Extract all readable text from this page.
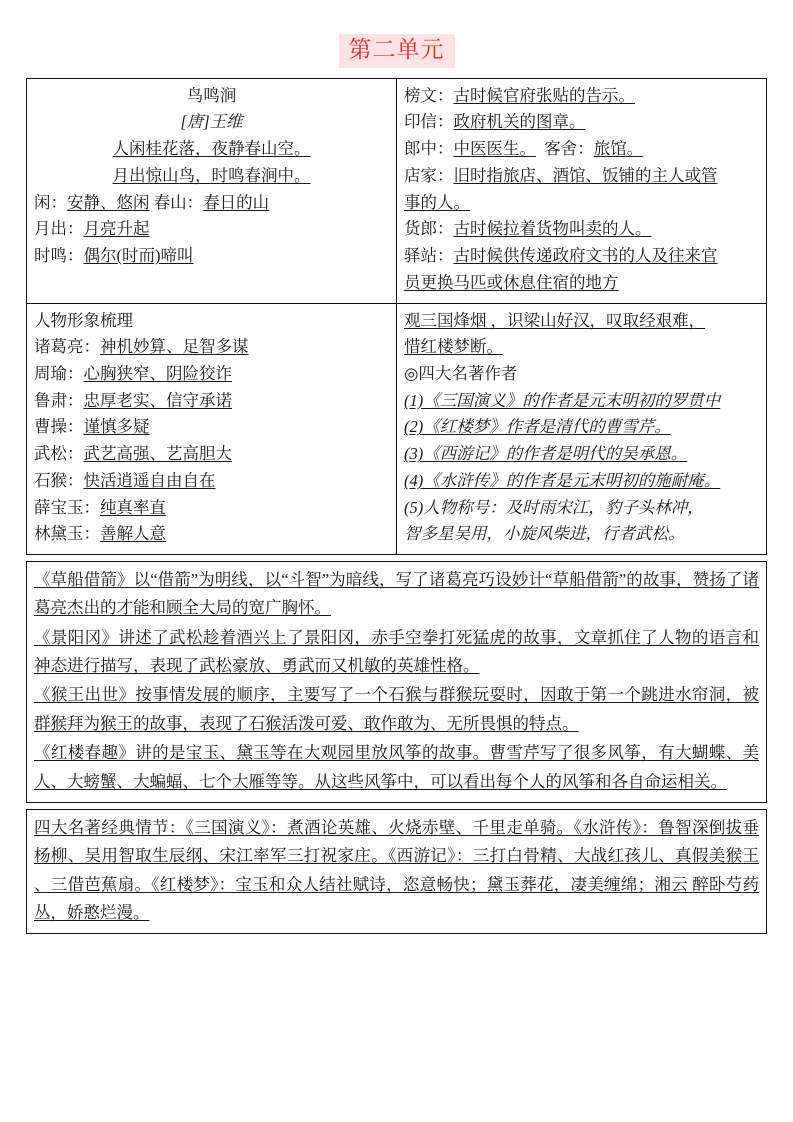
第二单元
鸟鸣涧
[唐]王维
人闲桂花落，夜静春山空。
月出惊山鸟，时鸣春涧中。
闲：安静、悠闲 春山：春日的山
月出：月亮升起
时鸣：偶尔(时而)啼叫

榜文：古时候官府张贴的告示。
印信：政府机关的图章。
郎中：中医医生。 客舍：旅馆。
店家：旧时指旅店、酒馆、饭铺的主人或管
事的人。
货郎：古时候拉着货物叫卖的人。
驿站：古时候供传递政府文书的人及往来官
员更换马匹或休息住宿的地方

人物形象梳理
诸葛亮：神机妙算、足智多谋
周瑜：心胸狭窄、阴险狡诈
鲁肃：忠厚老实、信守承诺
曹操：谨慎多疑
武松：武艺高强、艺高胆大
石猴：快活逍遥自由自在
薛宝玉：纯真率直
林黛玉：善解人意

观三国烽烟 ，识梁山好汉，叹取经艰难，
惜红楼梦断。
◎四大名著作者
(1)《三国演义》的作者是元末明初的罗贯中
(2)《红楼梦》作者是清代的曹雪芹。
(3)《西游记》的作者是明代的吴承恩。
(4)《水浒传》的作者是元末明初的施耐庵。
(5)人物称号：及时雨宋江，豹子头林冲，
智多星吴用，小旋风柴进，行者武松。
《草船借箭》以“借箭”为明线，以“斗智”为暗线，写了诸葛亮巧设妙计“草船借箭”的故事，赞扬了诸葛亮杰出的才能和顾全大局的宽广胸怀。
《景阳冈》讲述了武松趁着酒兴上了景阳冈，赤手空拳打死猛虎的故事，文章抓住了人物的语言和神态进行描写，表现了武松豪放、勇武而又机敏的英雄性格。
《猴王出世》按事情发展的顺序，主要写了一个石猴与群猴玩耍时，因敢于第一个跳进水帘洞，被群猴拜为猴王的故事，表现了石猴活泼可爱、敢作敢为、无所畏惧的特点。
《红楼春趣》讲的是宝玉、黛玉等在大观园里放风筝的故事。曹雪芹写了很多风筝，有大蝴蝶、美人、大螃蟹、大蝙蝠、七个大雁等等。从这些风筝中，可以看出每个人的风筝和各自命运相关。
四大名著经典情节：《三国演义》：煮酒论英雄、火烧赤壁、千里走单骑。《水浒传》：鲁智深倒拔垂杨柳、吴用智取生辰纲、宋江率军三打祝家庄。《西游记》：三打白骨精、大战红孩儿、真假美猴王 、三借芭蕉扇。《红楼梦》：宝玉和众人结社赋诗，恣意畅快；黛玉葬花，凄美缠绵；湘云 醉卧芍药丛，娇憨烂漫。
